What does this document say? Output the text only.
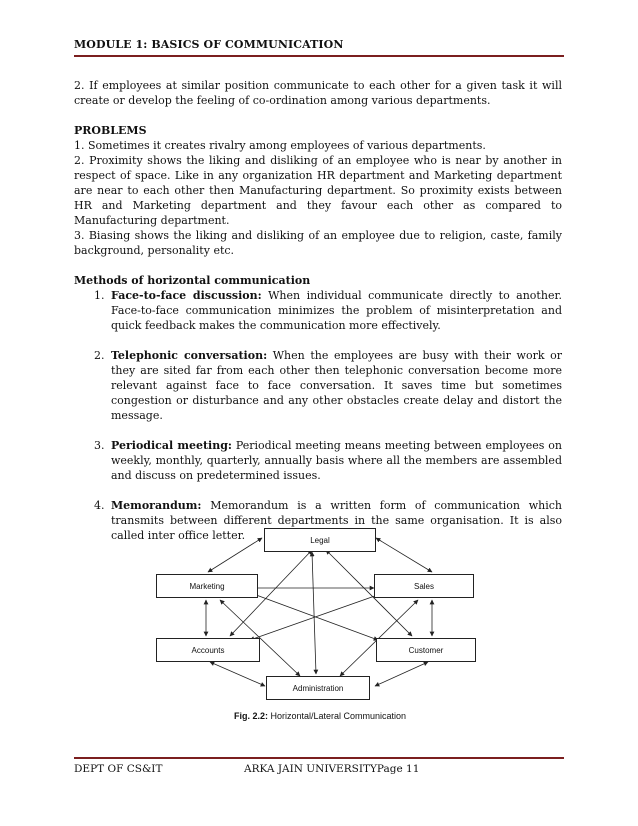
MODULE 1: BASICS OF COMMUNICATION

2. If employees at similar position communicate to each other for a given task it will create or develop the feeling of co-ordination among various departments.

PROBLEMS

1. Sometimes it creates rivalry among employees of various departments.

2. Proximity shows the liking and disliking of an employee who is near by another in respect of space. Like in any organization HR department and Marketing department are near to each other then Manufacturing department. So proximity exists between HR and Marketing department and they favour each other as compared to Manufacturing department.

3. Biasing shows the liking and disliking of an employee due to religion, caste, family background, personality etc.

Methods of horizontal communication

1. Face-to-face discussion: When individual communicate directly to another. Face-to-face communication minimizes the problem of misinterpretation and quick feedback makes the communication more effectively.
2. Telephonic conversation: When the employees are busy with their work or they are sited far from each other then telephonic conversation become more relevant against face to face conversation. It saves time but sometimes congestion or disturbance and any other obstacles create delay and distort the message.
3. Periodical meeting: Periodical meeting means meeting between employees on weekly, monthly, quarterly, annually basis where all the members are assembled and discuss on predetermined issues.
4. Memorandum: Memorandum is a written form of communication which transmits between different departments in the same organisation. It is also called inter office letter.	Legal
Marketing	Sales
Accounts	Customer
Administration
Fig. 2.2: Horizontal/Lateral Communication
DEPT OF CS&IT	ARKA JAIN UNIVERSITYPage 11
